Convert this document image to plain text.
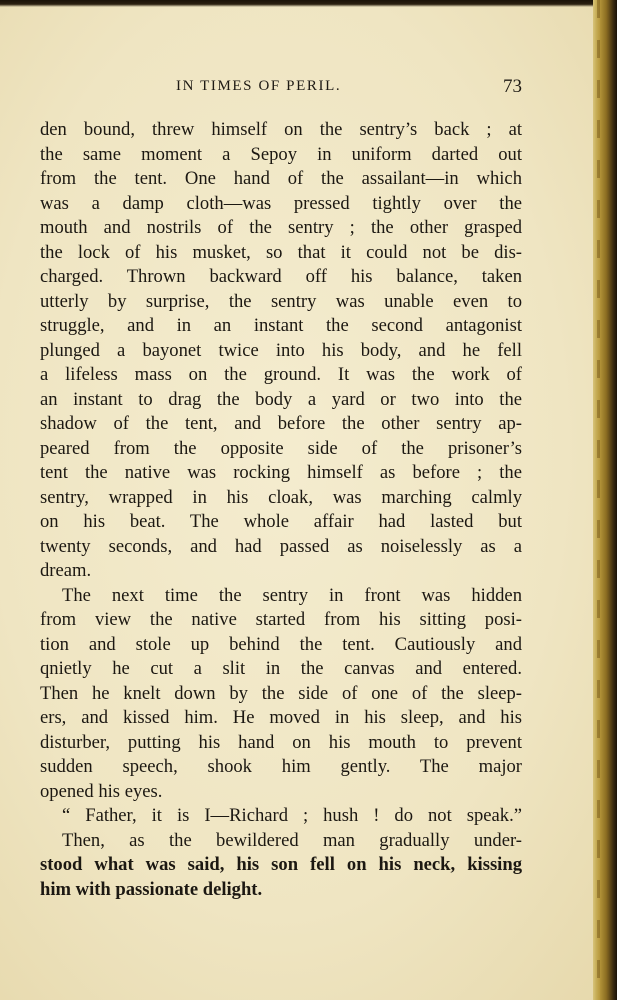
IN TIMES OF PERIL.	73
den bound, threw himself on the sentry’s back ; at
the same moment a Sepoy in uniform darted out
from the tent. One hand of the assailant—in which
was a damp cloth—was pressed tightly over the
mouth and nostrils of the sentry ; the other grasped
the lock of his musket, so that it could not be dis-
charged. Thrown backward off his balance, taken
utterly by surprise, the sentry was unable even to
struggle, and in an instant the second antagonist
plunged a bayonet twice into his body, and he fell
a lifeless mass on the ground. It was the work of
an instant to drag the body a yard or two into the
shadow of the tent, and before the other sentry ap-
peared from the opposite side of the prisoner’s
tent the native was rocking himself as before ; the
sentry, wrapped in his cloak, was marching calmly
on his beat. The whole affair had lasted but
twenty seconds, and had passed as noiselessly as a
dream.
The next time the sentry in front was hidden
from view the native started from his sitting posi-
tion and stole up behind the tent. Cautiously and
qnietly he cut a slit in the canvas and entered.
Then he knelt down by the side of one of the sleep-
ers, and kissed him. He moved in his sleep, and his
disturber, putting his hand on his mouth to prevent
sudden speech, shook him gently. The major
opened his eyes.
“ Father, it is I—Richard ; hush ! do not speak.”
Then, as the bewildered man gradually under-
stood what was said, his son fell on his neck, kissing
him with passionate delight.
